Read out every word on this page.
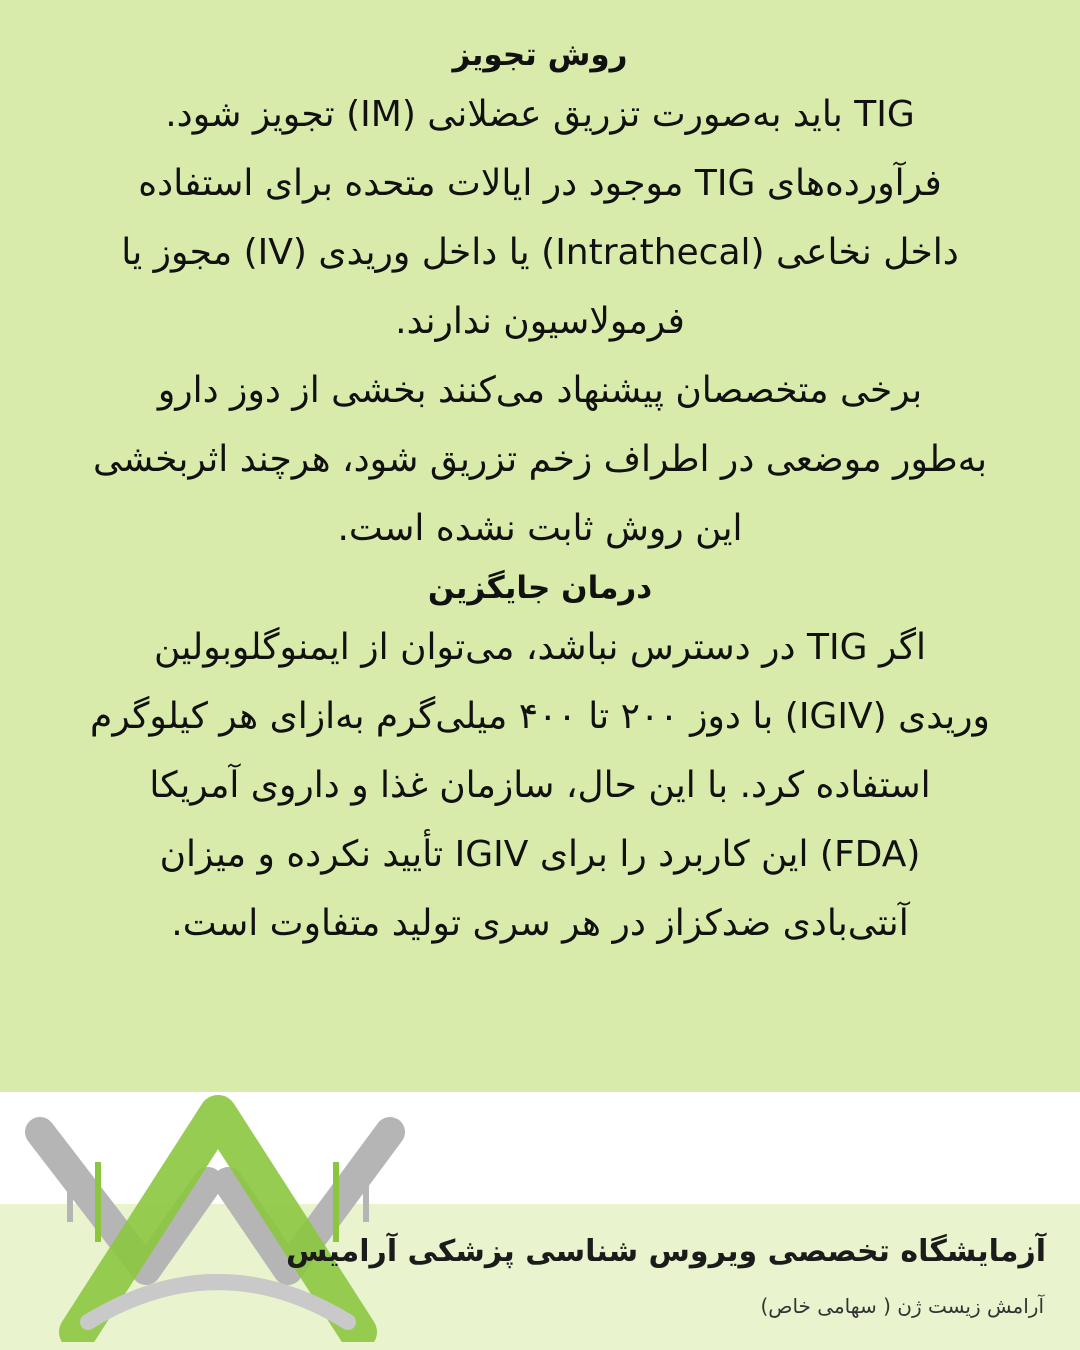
روش تجویز

TIG باید به‌صورت تزریق عضلانی (IM) تجویز شود.
فرآورده‌های TIG موجود در ایالات متحده برای استفاده
داخل نخاعی (Intrathecal) یا داخل وریدی (IV) مجوز یا
فرمولاسیون ندارند.

برخی متخصصان پیشنهاد می‌کنند بخشی از دوز دارو
به‌طور موضعی در اطراف زخم تزریق شود، هرچند اثربخشی
این روش ثابت نشده است.

درمان جایگزین

اگر TIG در دسترس نباشد، می‌توان از ایمنوگلوبولین
وریدی (IGIV) با دوز ۲۰۰ تا ۴۰۰ میلی‌گرم به‌ازای هر کیلوگرم
استفاده کرد. با این حال، سازمان غذا و داروی آمریکا
(FDA) این کاربرد را برای IGIV تأیید نکرده و میزان
آنتی‌بادی ضدکزاز در هر سری تولید متفاوت است.

آزمایشگاه تخصصی ویروس شناسی پزشکی آرامیس
آرامش زیست ژن ( سهامی خاص)
